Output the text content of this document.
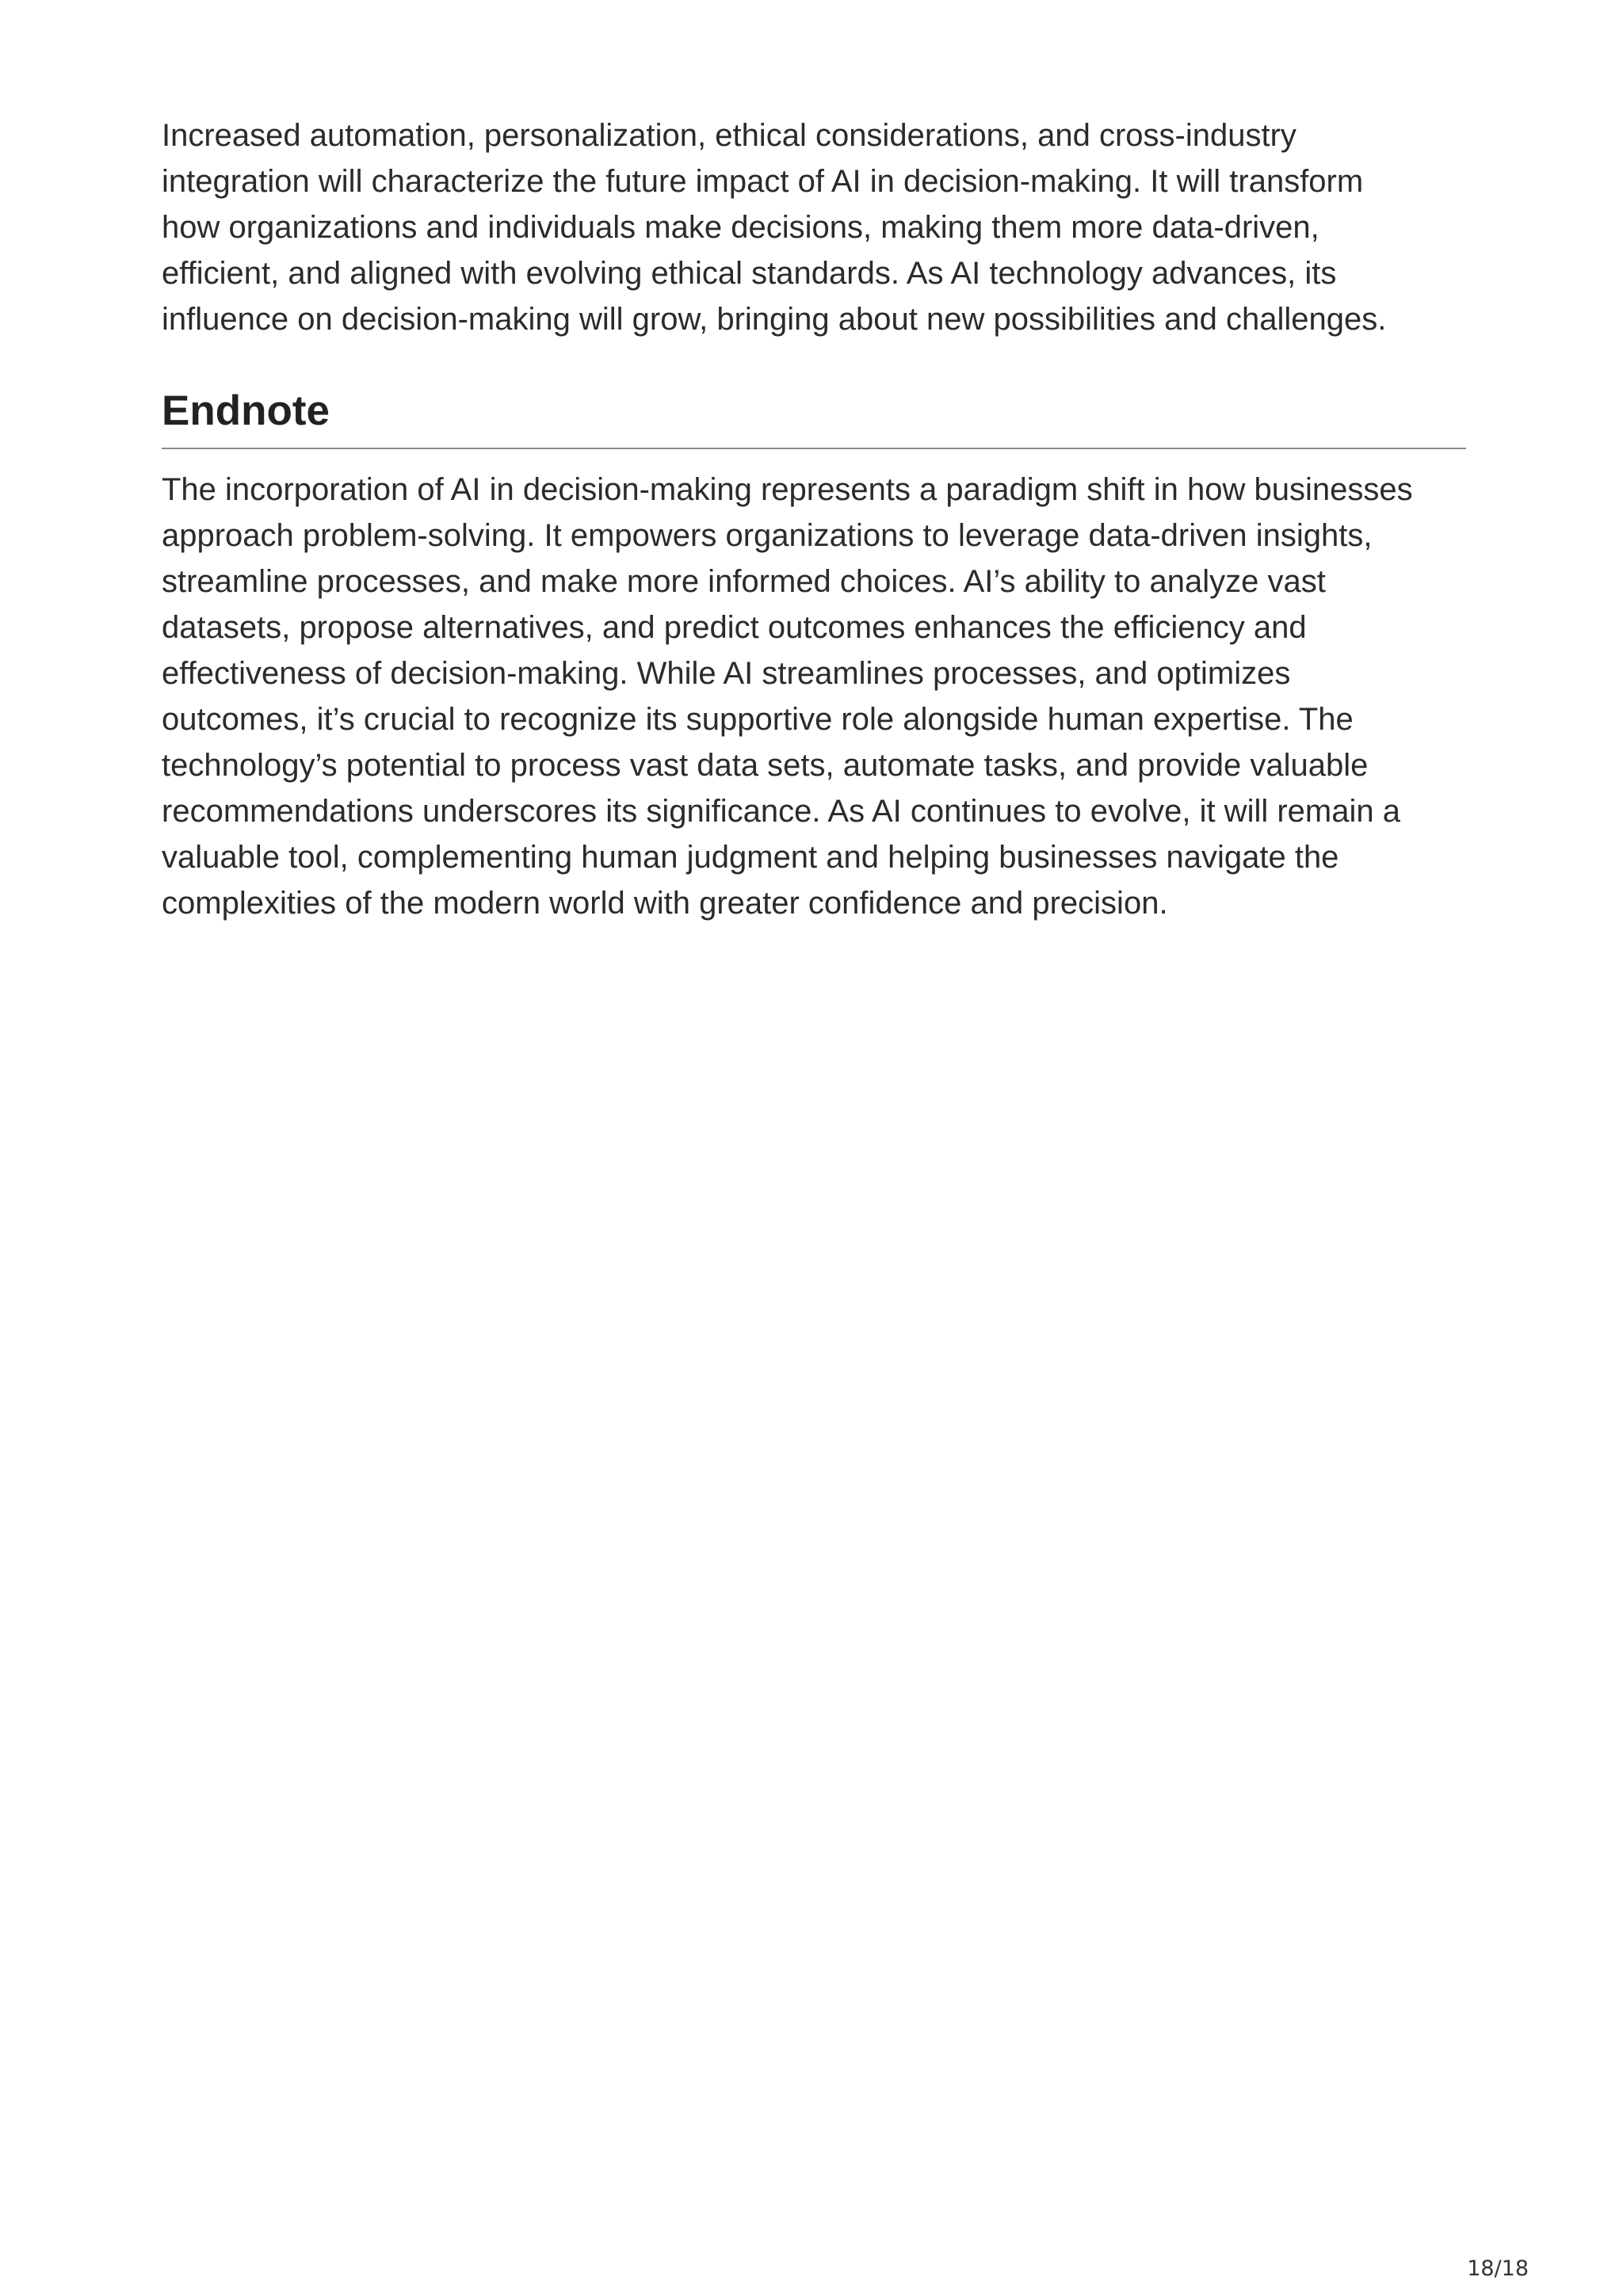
Increased automation, personalization, ethical considerations, and cross-industry
integration will characterize the future impact of AI in decision-making. It will transform
how organizations and individuals make decisions, making them more data-driven,
efficient, and aligned with evolving ethical standards. As AI technology advances, its
influence on decision-making will grow, bringing about new possibilities and challenges.

Endnote

The incorporation of AI in decision-making represents a paradigm shift in how businesses
approach problem-solving. It empowers organizations to leverage data-driven insights,
streamline processes, and make more informed choices. AI’s ability to analyze vast
datasets, propose alternatives, and predict outcomes enhances the efficiency and
effectiveness of decision-making. While AI streamlines processes, and optimizes
outcomes, it’s crucial to recognize its supportive role alongside human expertise. The
technology’s potential to process vast data sets, automate tasks, and provide valuable
recommendations underscores its significance. As AI continues to evolve, it will remain a
valuable tool, complementing human judgment and helping businesses navigate the
complexities of the modern world with greater confidence and precision.

18/18
